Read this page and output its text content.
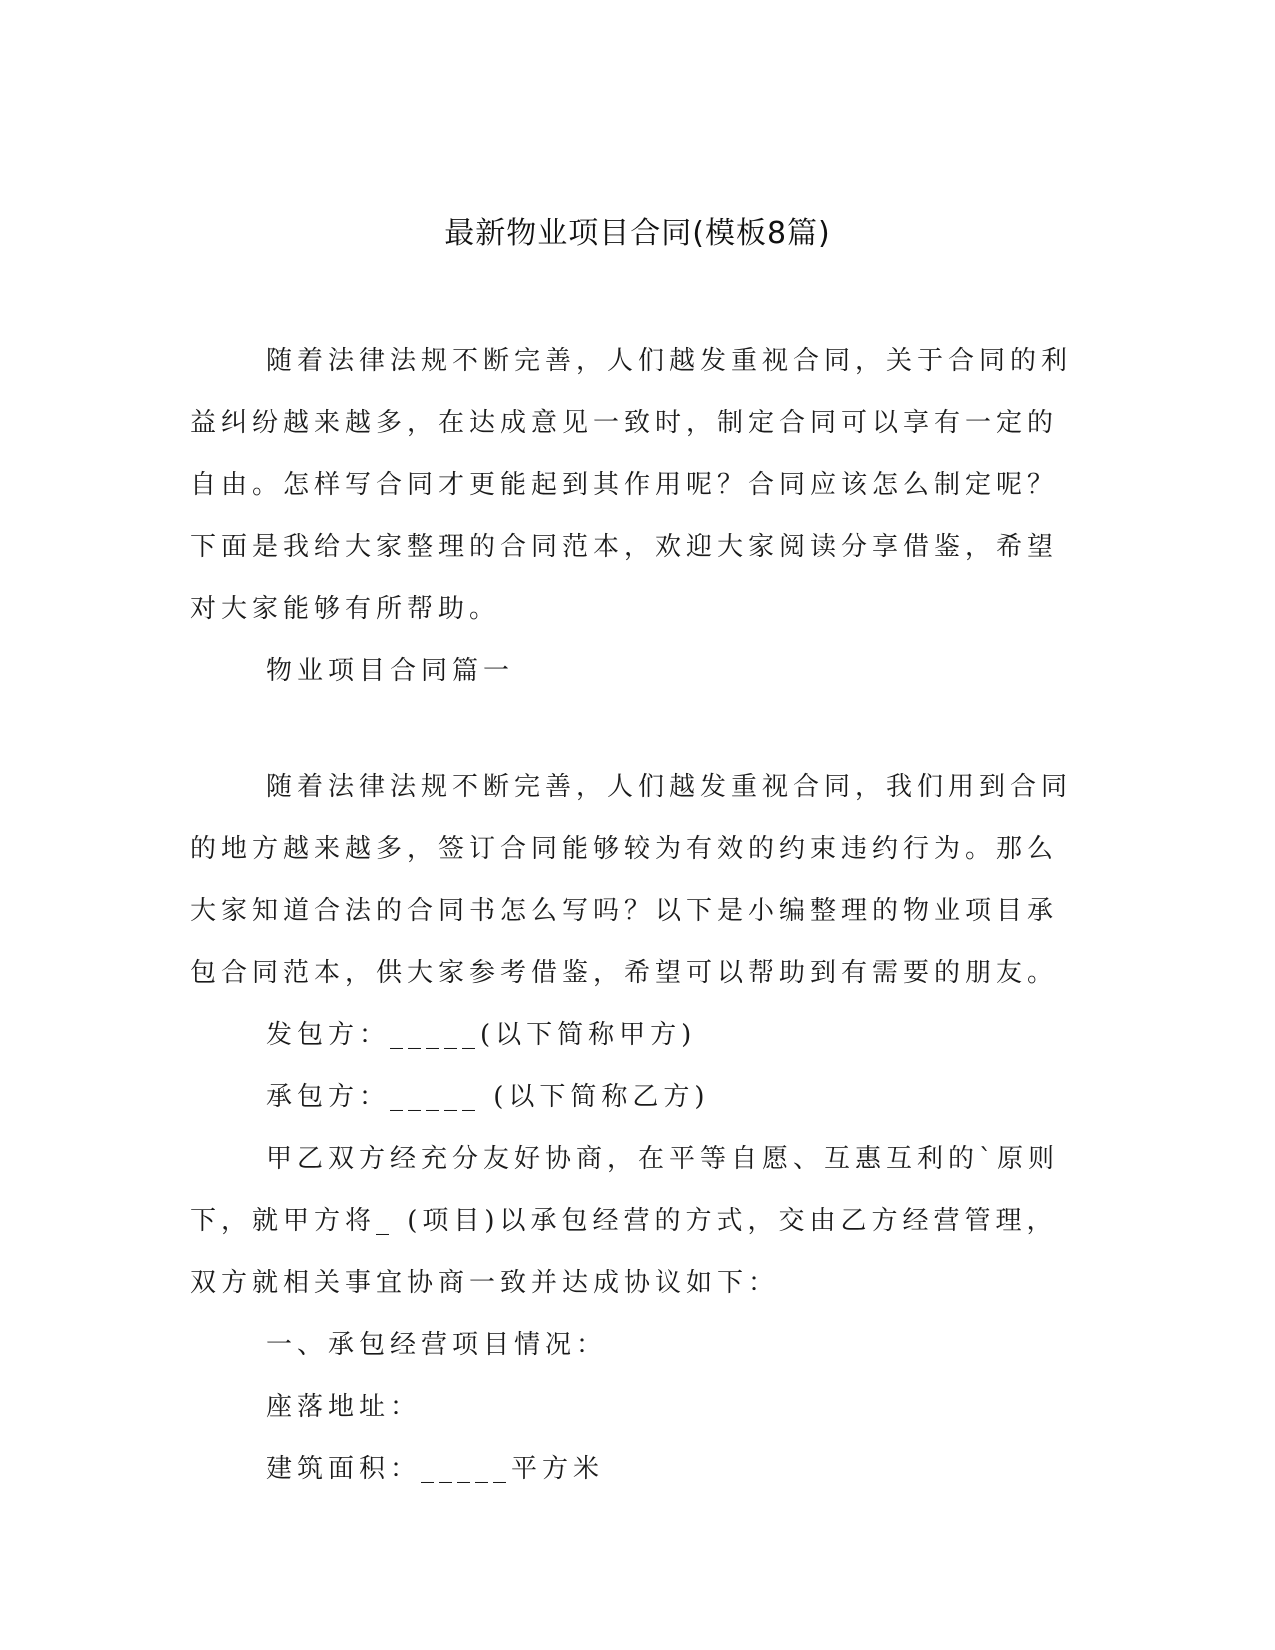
最新物业项目合同(模板8篇)

随着法律法规不断完善，人们越发重视合同，关于合同的利益纠纷越来越多，在达成意见一致时，制定合同可以享有一定的自由。怎样写合同才更能起到其作用呢？合同应该怎么制定呢？下面是我给大家整理的合同范本，欢迎大家阅读分享借鉴，希望对大家能够有所帮助。

物业项目合同篇一

随着法律法规不断完善，人们越发重视合同，我们用到合同的地方越来越多，签订合同能够较为有效的约束违约行为。那么大家知道合法的合同书怎么写吗？以下是小编整理的物业项目承包合同范本，供大家参考借鉴，希望可以帮助到有需要的朋友。

发包方：_____(以下简称甲方)

承包方：_____ (以下简称乙方)

甲乙双方经充分友好协商，在平等自愿、互惠互利的`原则下，就甲方将_ (项目)以承包经营的方式，交由乙方经营管理，双方就相关事宜协商一致并达成协议如下：

一、承包经营项目情况：

座落地址：

建筑面积：_____平方米
